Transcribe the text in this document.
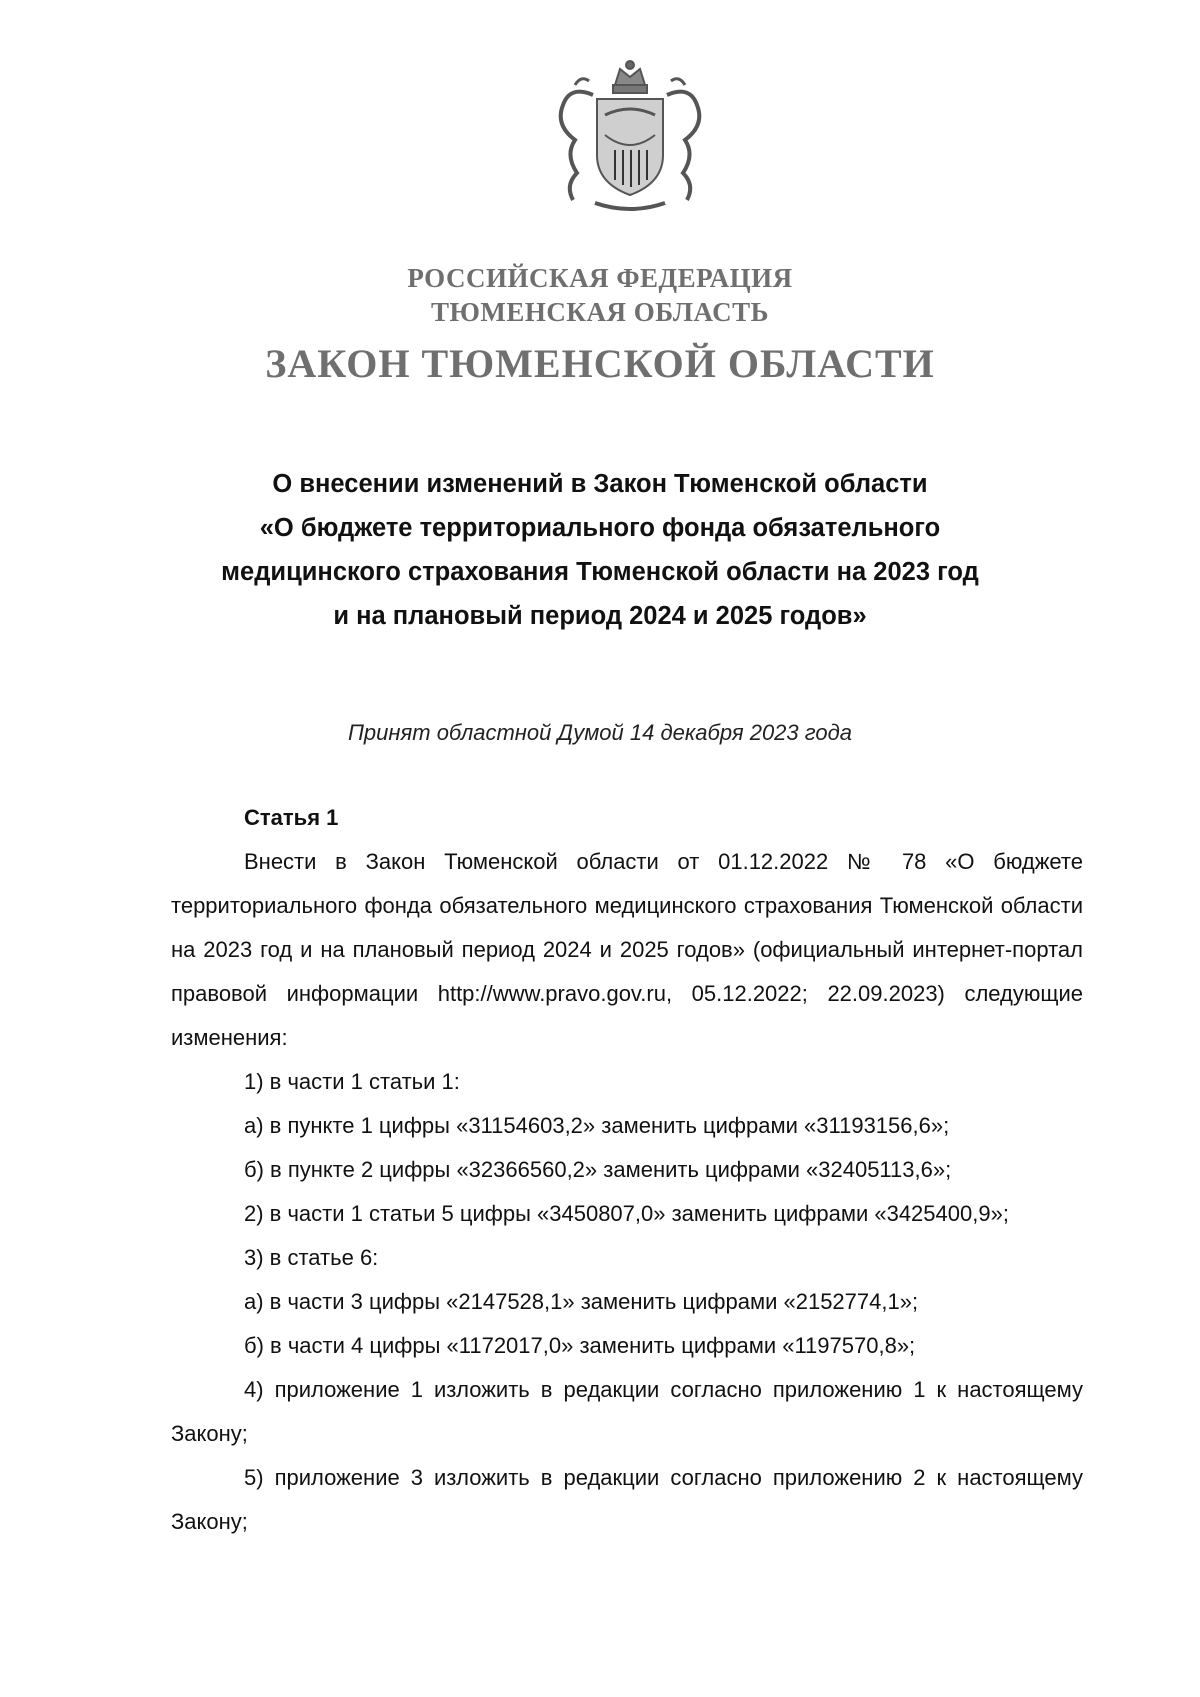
РОССИЙСКАЯ ФЕДЕРАЦИЯ
ТЮМЕНСКАЯ ОБЛАСТЬ
ЗАКОН ТЮМЕНСКОЙ ОБЛАСТИ
О внесении изменений в Закон Тюменской области
«О бюджете территориального фонда обязательного
медицинского страхования Тюменской области на 2023 год
и на плановый период 2024 и 2025 годов»
Принят областной Думой 14 декабря 2023 года
Статья 1
Внести в Закон Тюменской области от 01.12.2022 № 78 «О бюджете территориального фонда обязательного медицинского страхования Тюменской области на 2023 год и на плановый период 2024 и 2025 годов» (официальный интернет-портал правовой информации http://www.pravo.gov.ru, 05.12.2022; 22.09.2023) следующие изменения:
1) в части 1 статьи 1:
а) в пункте 1 цифры «31154603,2» заменить цифрами «31193156,6»;
б) в пункте 2 цифры «32366560,2» заменить цифрами «32405113,6»;
2) в части 1 статьи 5 цифры «3450807,0» заменить цифрами «3425400,9»;
3) в статье 6:
а) в части 3 цифры «2147528,1» заменить цифрами «2152774,1»;
б) в части 4 цифры «1172017,0» заменить цифрами «1197570,8»;
4) приложение 1 изложить в редакции согласно приложению 1 к настоящему Закону;
5) приложение 3 изложить в редакции согласно приложению 2 к настоящему Закону;
